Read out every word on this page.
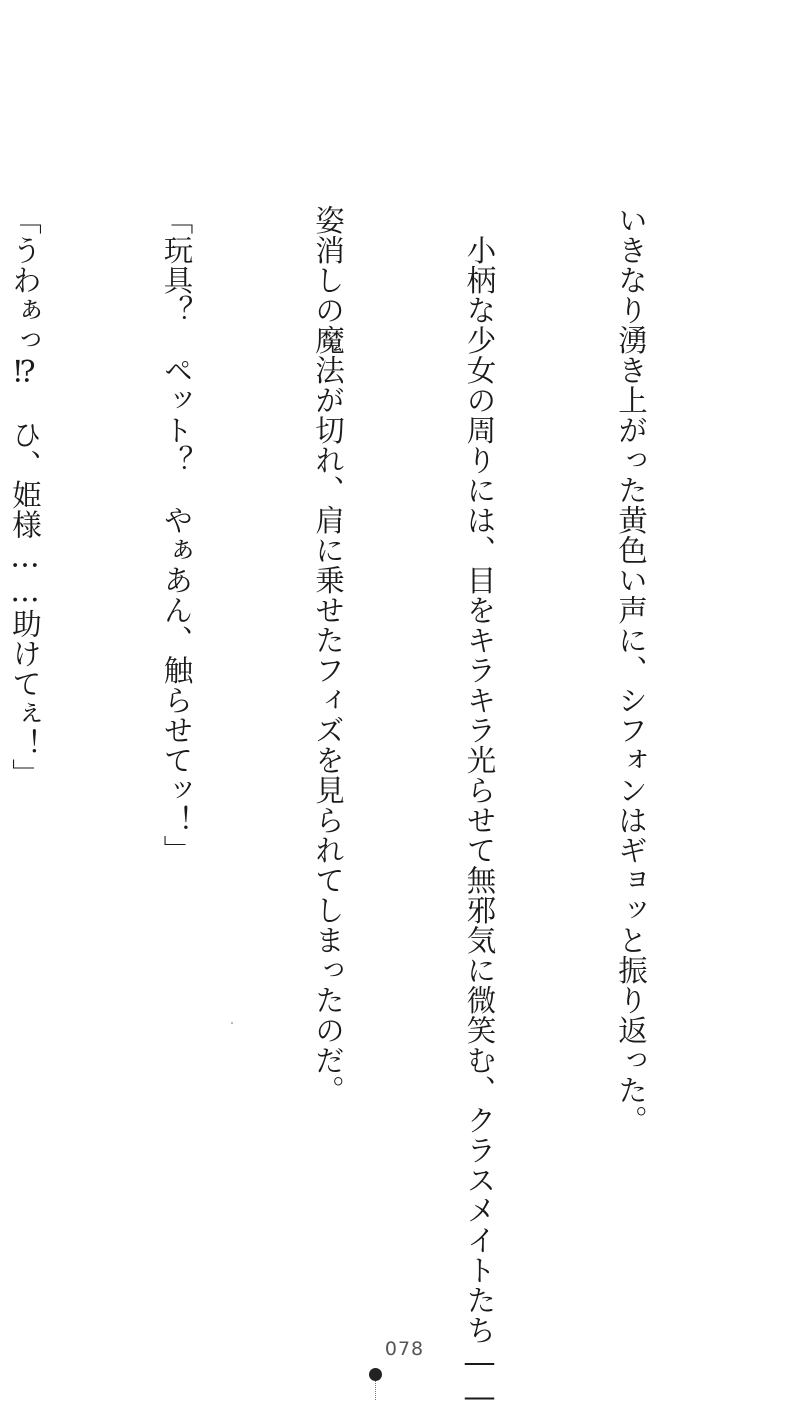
いきなり湧き上がった黄色い声に、シフォンはギョッと振り返った。

　小柄な少女の周りには、目をキラキラ光らせて無邪気に微笑む、クラスメイトたち――

姿消しの魔法が切れ、肩に乗せたフィズを見られてしまったのだ。

「玩具？　ペット？　やぁあん、触らせてッ！」

「うわぁっ⁉　ひ、姫様……助けてぇ！」

078
